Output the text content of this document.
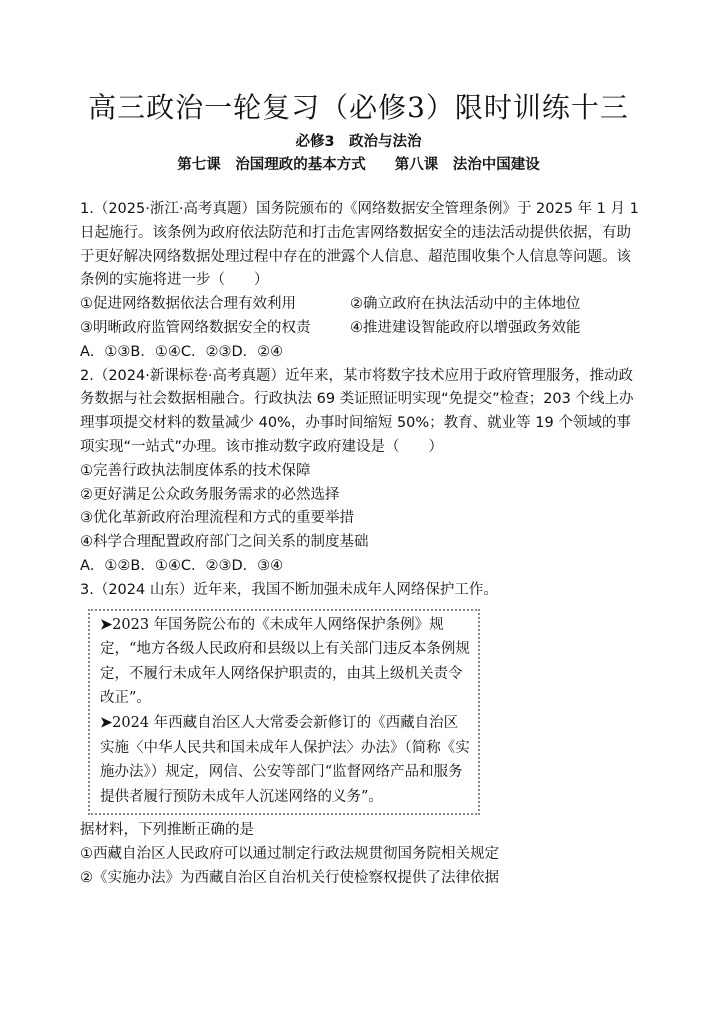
高三政治一轮复习（必修3）限时训练十三
必修3　政治与法治
第七课　治国理政的基本方式　　第八课　法治中国建设

1.（2025·浙江·高考真题）国务院颁布的《网络数据安全管理条例》于 2025 年 1 月 1 日起施行。该条例为政府依法防范和打击危害网络数据安全的违法活动提供依据，有助于更好解决网络数据处理过程中存在的泄露个人信息、超范围收集个人信息等问题。该条例的实施将进一步（　　）

①促进网络数据依法合理有效利用	②确立政府在执法活动中的主体地位
③明晰政府监管网络数据安全的权责	④推进建设智能政府以增强政务效能

A．①③B．①④C．②③D．②④

2.（2024·新课标卷·高考真题）近年来，某市将数字技术应用于政府管理服务，推动政务数据与社会数据相融合。行政执法 69 类证照证明实现“免提交”检查；203 个线上办理事项提交材料的数量减少 40%，办事时间缩短 50%；教育、就业等 19 个领域的事项实现“一站式”办理。该市推动数字政府建设是（　　）

①完善行政执法制度体系的技术保障

②更好满足公众政务服务需求的必然选择

③优化革新政府治理流程和方式的重要举措

④科学合理配置政府部门之间关系的制度基础

A．①②B．①④C．②③D．③④

3.（2024 山东）近年来，我国不断加强未成年人网络保护工作。

➤2023 年国务院公布的《未成年人网络保护条例》规定，“地方各级人民政府和县级以上有关部门违反本条例规定，不履行未成年人网络保护职责的，由其上级机关责令改正”。

➤2024 年西藏自治区人大常委会新修订的《西藏自治区实施〈中华人民共和国未成年人保护法〉办法》（简称《实施办法》）规定，网信、公安等部门“监督网络产品和服务提供者履行预防未成年人沉迷网络的义务”。

据材料，下列推断正确的是

①西藏自治区人民政府可以通过制定行政法规贯彻国务院相关规定

②《实施办法》为西藏自治区自治机关行使检察权提供了法律依据
